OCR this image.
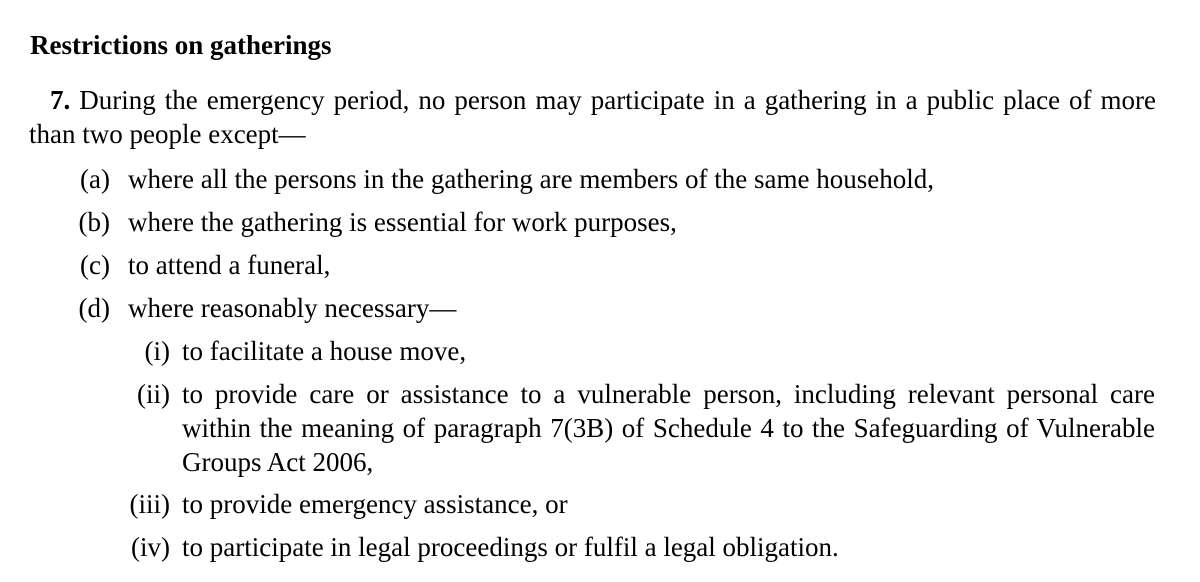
Restrictions on gatherings
7. During the emergency period, no person may participate in a gathering in a public place of more than two people except—
(a) where all the persons in the gathering are members of the same household,
(b) where the gathering is essential for work purposes,
(c) to attend a funeral,
(d) where reasonably necessary—
(i) to facilitate a house move,
(ii) to provide care or assistance to a vulnerable person, including relevant personal care within the meaning of paragraph 7(3B) of Schedule 4 to the Safeguarding of Vulnerable Groups Act 2006,
(iii) to provide emergency assistance, or
(iv) to participate in legal proceedings or fulfil a legal obligation.
